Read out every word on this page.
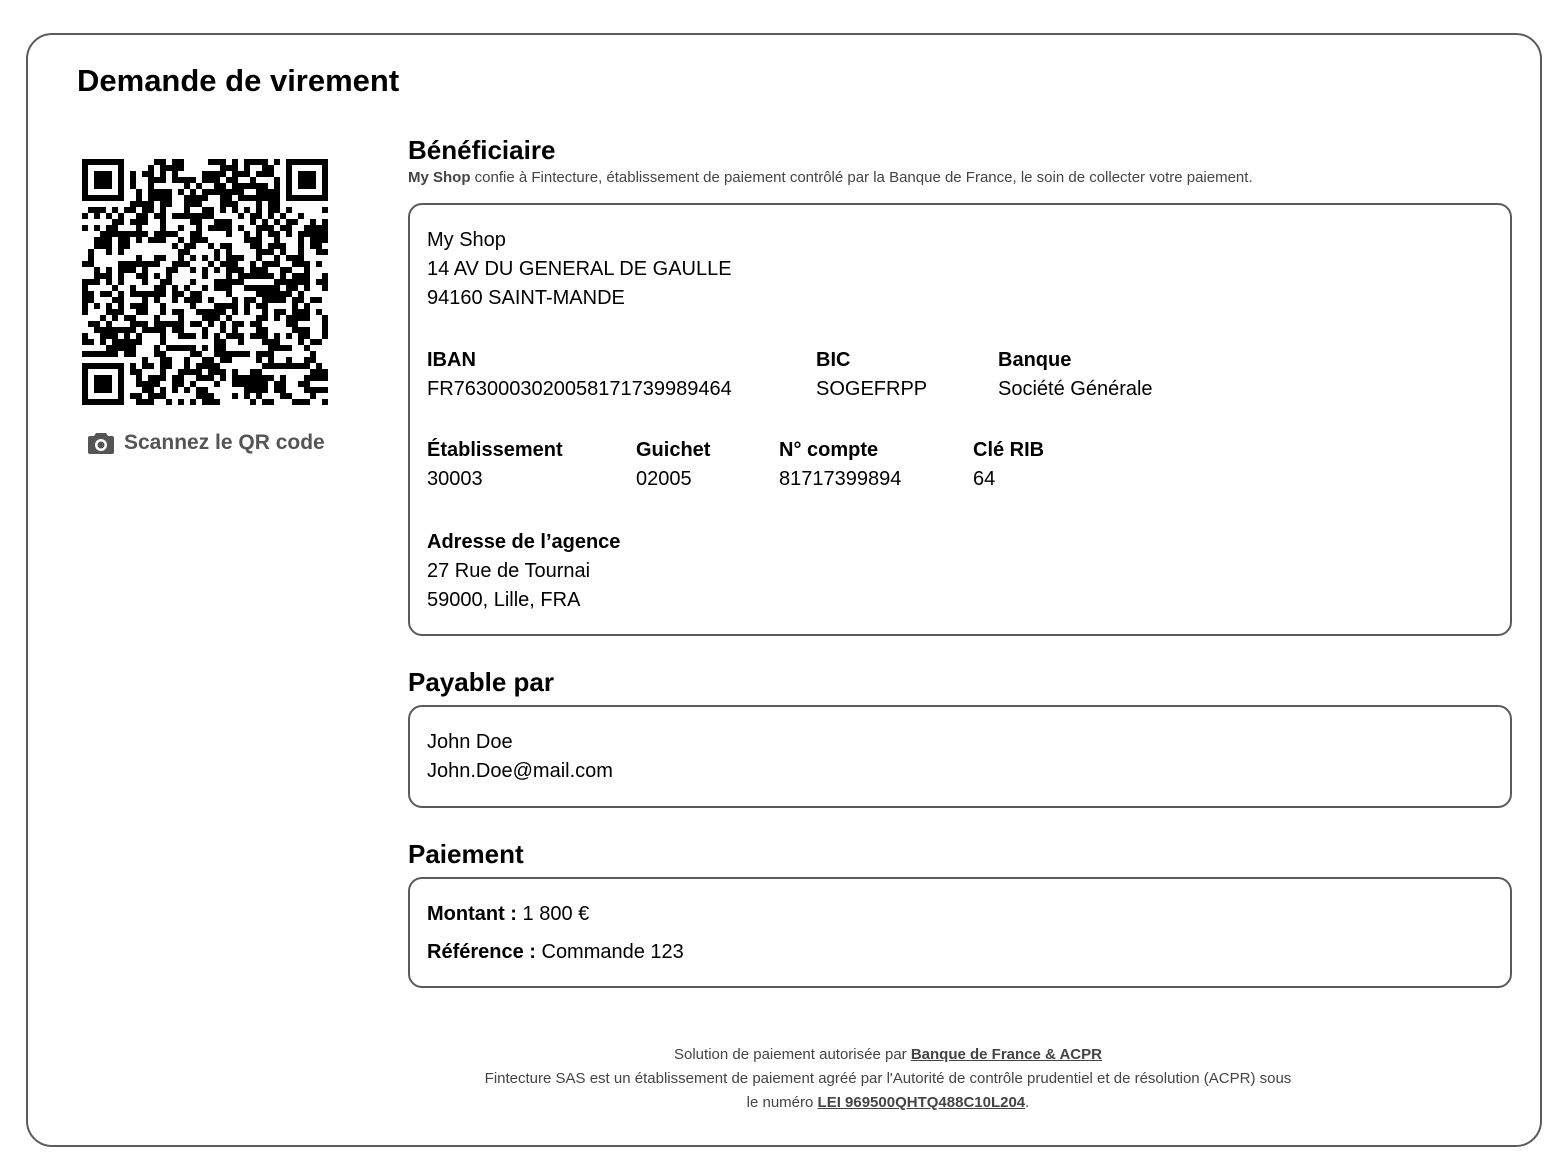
Demande de virement
Scannez le QR code
Bénéficiaire

My Shop confie à Fintecture, établissement de paiement contrôlé par la Banque de France, le soin de collecter votre paiement.

My Shop
14 AV DU GENERAL DE GAULLE
94160 SAINT-MANDE
IBAN
FR7630003020058171739989464
BIC
SOGEFRPP
Banque
Société Générale
Établissement
30003
Guichet
02005
N° compte
81717399894
Clé RIB
64
Adresse de l’agence
27 Rue de Tournai
59000, Lille, FRA
Payable par
John Doe
John.Doe@mail.com
Paiement
Montant : 1 800 €
Référence : Commande 123
Solution de paiement autorisée par Banque de France & ACPR
Fintecture SAS est un établissement de paiement agréé par l'Autorité de contrôle prudentiel et de résolution (ACPR) sous
le numéro LEI 969500QHTQ488C10L204.
